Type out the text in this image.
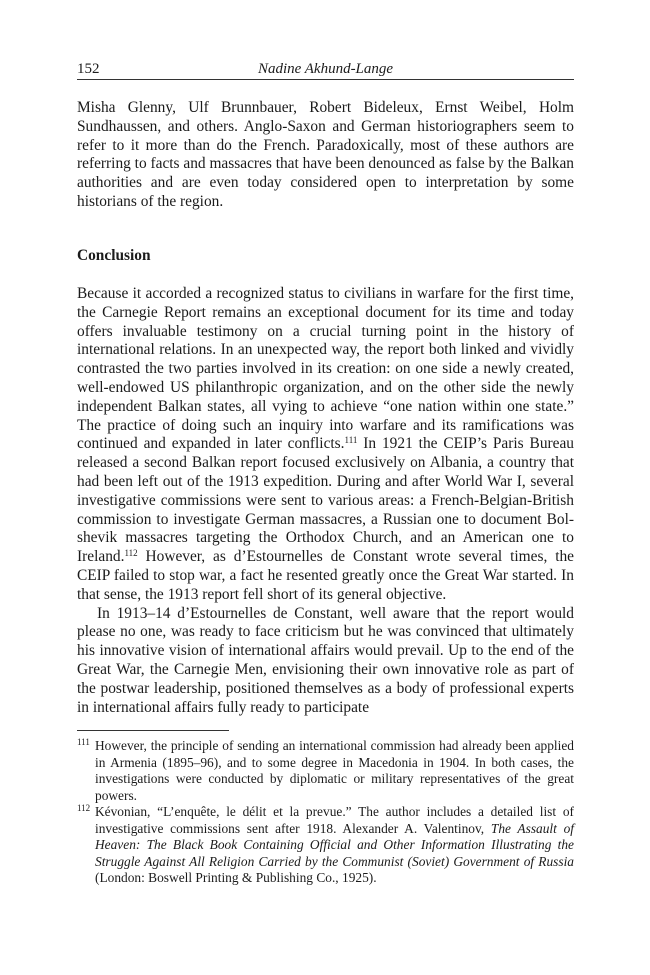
152	Nadine Akhund-Lange

Misha Glenny, Ulf Brunnbauer, Robert Bideleux, Ernst Weibel, Holm Sundhaussen, and others. Anglo-Saxon and German historiographers seem to refer to it more than do the French. Paradoxically, most of these authors are referring to facts and massacres that have been denounced as false by the Balkan authorities and are even today considered open to interpretation by some historians of the region.

Conclusion

Because it accorded a recognized status to civilians in warfare for the first time, the Carnegie Report remains an exceptional document for its time and today offers invaluable testimony on a crucial turning point in the history of international relations. In an unexpected way, the report both linked and vividly contrasted the two parties involved in its creation: on one side a newly created, well-endowed US philanthropic organization, and on the other side the newly independent Balkan states, all vying to achieve “one nation within one state.” The practice of doing such an inquiry into warfare and its ramifications was continued and expanded in later conflicts.$^{111}$ In 1921 the CEIP’s Paris Bureau released a second Balkan report focused exclusively on Albania, a country that had been left out of the 1913 expedition. During and after World War I, several investigative commissions were sent to various areas: a French-Belgian-British commission to investigate German massacres, a Russian one to document Bolshevik massacres targeting the Orthodox Church, and an American one to Ireland.$^{112}$ However, as d’Estournelles de Constant wrote several times, the CEIP failed to stop war, a fact he resented greatly once the Great War started. In that sense, the 1913 report fell short of its general objective.

In 1913–14 d’Estournelles de Constant, well aware that the report would please no one, was ready to face criticism but he was convinced that ultimately his innovative vision of international affairs would prevail. Up to the end of the Great War, the Carnegie Men, envisioning their own innovative role as part of the postwar leadership, positioned themselves as a body of professional experts in international affairs fully ready to participate

111 However, the principle of sending an international commission had already been applied in Armenia (1895–96), and to some degree in Macedonia in 1904. In both cases, the investigations were conducted by diplomatic or military representatives of the great powers.

112 Kévonian, “L’enquête, le délit et la prevue.” The author includes a detailed list of investigative commissions sent after 1918. Alexander A. Valentinov, The Assault of Heaven: The Black Book Containing Official and Other Information Illustrating the Struggle Against All Religion Carried by the Communist (Soviet) Government of Russia (London: Boswell Printing & Publishing Co., 1925).
